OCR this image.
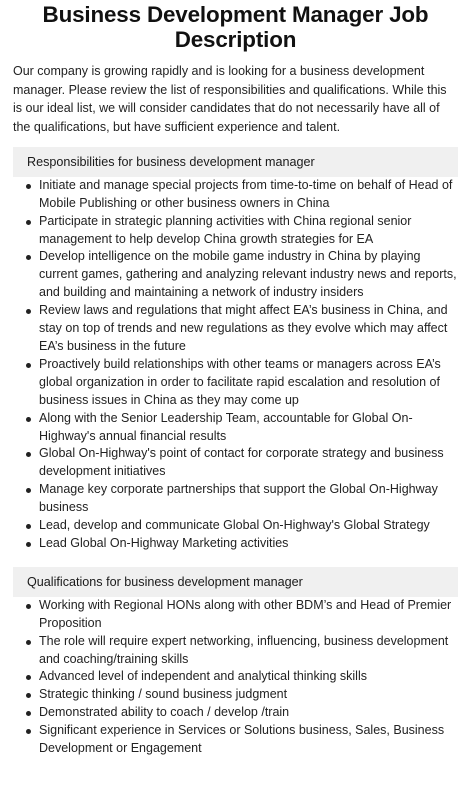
Business Development Manager Job Description

Our company is growing rapidly and is looking for a business development manager. Please review the list of responsibilities and qualifications. While this is our ideal list, we will consider candidates that do not necessarily have all of the qualifications, but have sufficient experience and talent.

Responsibilities for business development manager
Initiate and manage special projects from time-to-time on behalf of Head of Mobile Publishing or other business owners in China
Participate in strategic planning activities with China regional senior management to help develop China growth strategies for EA
Develop intelligence on the mobile game industry in China by playing current games, gathering and analyzing relevant industry news and reports, and building and maintaining a network of industry insiders
Review laws and regulations that might affect EA’s business in China, and stay on top of trends and new regulations as they evolve which may affect EA’s business in the future
Proactively build relationships with other teams or managers across EA’s global organization in order to facilitate rapid escalation and resolution of business issues in China as they may come up
Along with the Senior Leadership Team, accountable for Global On-Highway's annual financial results
Global On-Highway's point of contact for corporate strategy and business development initiatives
Manage key corporate partnerships that support the Global On-Highway business
Lead, develop and communicate Global On-Highway's Global Strategy
Lead Global On-Highway Marketing activities
Qualifications for business development manager
Working with Regional HONs along with other BDM’s and Head of Premier Proposition
The role will require expert networking, influencing, business development and coaching/training skills
Advanced level of independent and analytical thinking skills
Strategic thinking / sound business judgment
Demonstrated ability to coach / develop /train
Significant experience in Services or Solutions business, Sales, Business Development or Engagement
